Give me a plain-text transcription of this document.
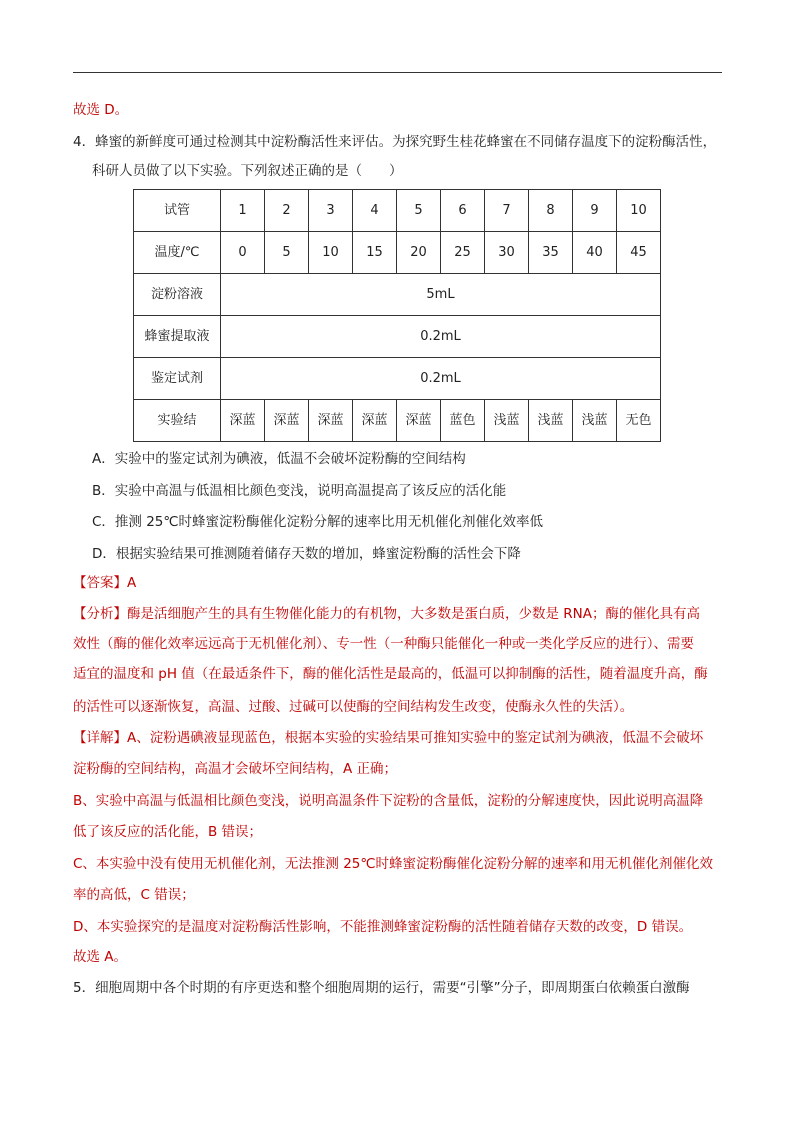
故选 D。
4．蜂蜜的新鲜度可通过检测其中淀粉酶活性来评估。为探究野生桂花蜂蜜在不同储存温度下的淀粉酶活性，
科研人员做了以下实验。下列叙述正确的是（　　）
试管	1	2	3	4	5	6	7	8	9	10
温度/℃	0	5	10	15	20	25	30	35	40	45
淀粉溶液	5mL									
蜂蜜提取液	0.2mL									
鉴定试剂	0.2mL									
实验结	深蓝	深蓝	深蓝	深蓝	深蓝	蓝色	浅蓝	浅蓝	浅蓝	无色
A．实验中的鉴定试剂为碘液，低温不会破坏淀粉酶的空间结构
B．实验中高温与低温相比颜色变浅，说明高温提高了该反应的活化能
C．推测 25℃时蜂蜜淀粉酶催化淀粉分解的速率比用无机催化剂催化效率低
D．根据实验结果可推测随着储存天数的增加，蜂蜜淀粉酶的活性会下降
【答案】A
【分析】酶是活细胞产生的具有生物催化能力的有机物，大多数是蛋白质，少数是 RNA；酶的催化具有高
效性（酶的催化效率远远高于无机催化剂）、专一性（一种酶只能催化一种或一类化学反应的进行）、需要
适宜的温度和 pH 值（在最适条件下，酶的催化活性是最高的，低温可以抑制酶的活性，随着温度升高，酶
的活性可以逐渐恢复，高温、过酸、过碱可以使酶的空间结构发生改变，使酶永久性的失活）。
【详解】A、淀粉遇碘液显现蓝色，根据本实验的实验结果可推知实验中的鉴定试剂为碘液，低温不会破坏
淀粉酶的空间结构，高温才会破坏空间结构，A 正确；
B、实验中高温与低温相比颜色变浅，说明高温条件下淀粉的含量低，淀粉的分解速度快，因此说明高温降
低了该反应的活化能，B 错误；
C、本实验中没有使用无机催化剂，无法推测 25℃时蜂蜜淀粉酶催化淀粉分解的速率和用无机催化剂催化效
率的高低，C 错误；
D、本实验探究的是温度对淀粉酶活性影响，不能推测蜂蜜淀粉酶的活性随着储存天数的改变，D 错误。
故选 A。
5．细胞周期中各个时期的有序更迭和整个细胞周期的运行，需要“引擎”分子，即周期蛋白依赖蛋白激酶
